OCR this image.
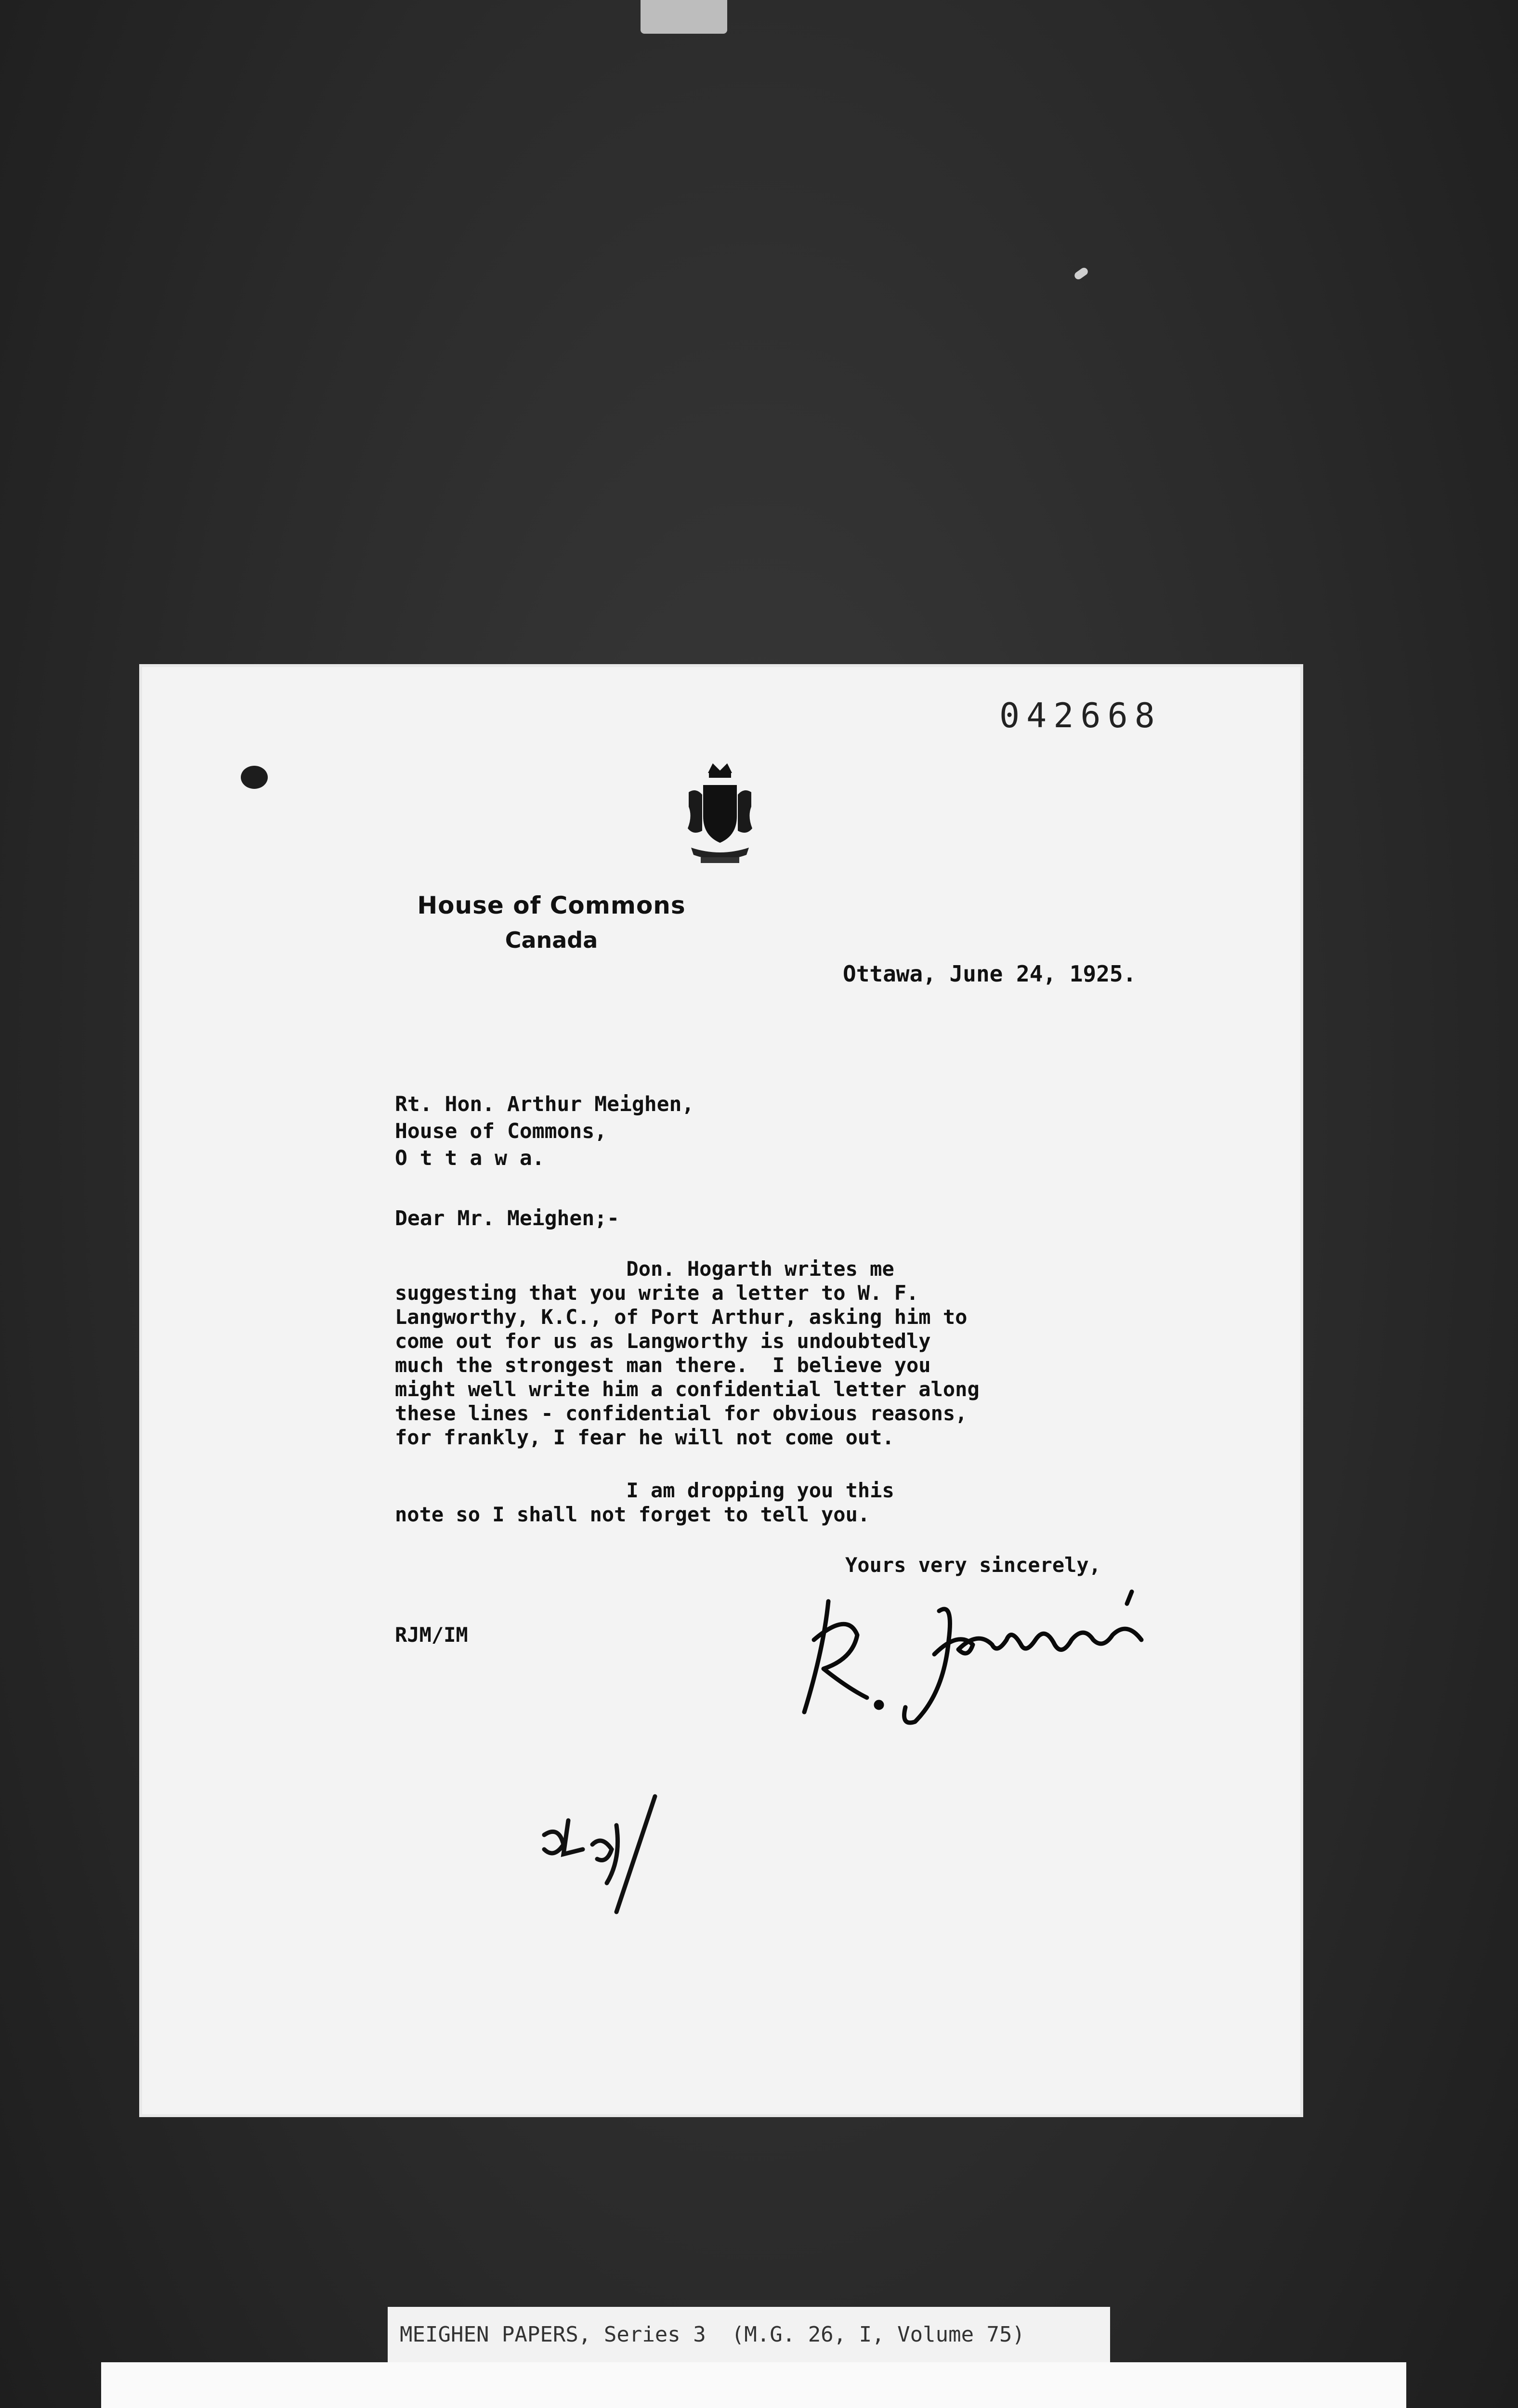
042668
House of Commons
Canada
Ottawa, June 24, 1925.
Rt. Hon. Arthur Meighen,
House of Commons,
O t t a w a.
Dear Mr. Meighen;-
Don. Hogarth writes me
suggesting that you write a letter to W. F.
Langworthy, K.C., of Port Arthur, asking him to
come out for us as Langworthy is undoubtedly
much the strongest man there.  I believe you
might well write him a confidential letter along
these lines - confidential for obvious reasons,
for frankly, I fear he will not come out.
I am dropping you this
note so I shall not forget to tell you.
Yours very sincerely,
RJM/IM
MEIGHEN PAPERS, Series 3  (M.G. 26, I, Volume 75)
